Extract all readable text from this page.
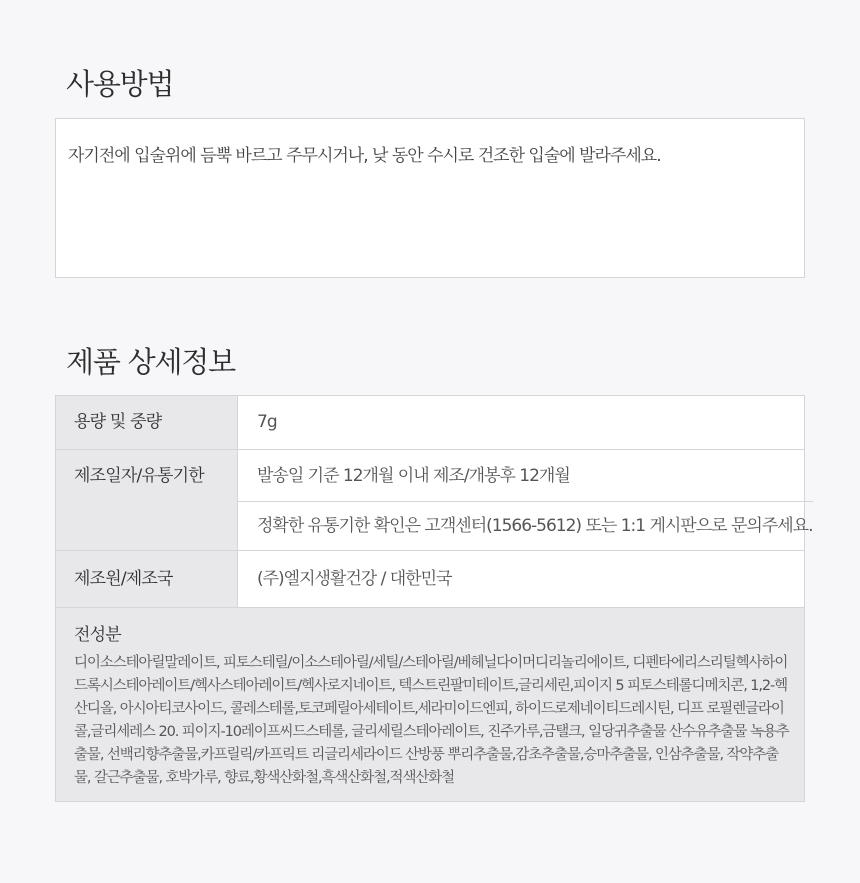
사용방법
자기전에 입술위에 듬뿍 바르고 주무시거나, 낮 동안 수시로 건조한 입술에 발라주세요.
제품 상세정보
용량 및 중량	7g
제조일자/유통기한	발송일 기준 12개월 이내 제조/개봉후 12개월
정확한 유통기한 확인은 고객센터(1566-5612) 또는 1:1 게시판으로 문의주세요.
제조원/제조국	(주)엘지생활건강 / 대한민국
전성분
디이소스테아릴말레이트, 피토스테릴/이소스테아릴/세틸/스테아릴/베헤닐다이머디리놀리에이트, 디펜타에리스리틸헥사하이드록시스테아레이트/헥사스테아레이트/헥사로지네이트, 텍스트린팔미테이트,글리세린,피이지 5 피토스테롤디메치콘, 1,2-헥산디올, 아시아티코사이드, 콜레스테롤,토코페릴아세테이트,세라미이드엔피, 하이드로제네이티드레시틴, 디프 로필렌글라이콜,글리세레스 20. 피이지-10레이프씨드스테롤, 글리세릴스테아레이트, 진주가루,금탤크, 일당귀추출물 산수유추출물 녹용추출물, 선백리향추출물,카프릴릭/카프릭트 리글리세라이드 산방풍 뿌리추출물,감초추출물,승마추출물, 인삼추출물, 작약추출물, 갈근추출물, 호박가루, 향료,황색산화철,흑색산화철,적색산화철
